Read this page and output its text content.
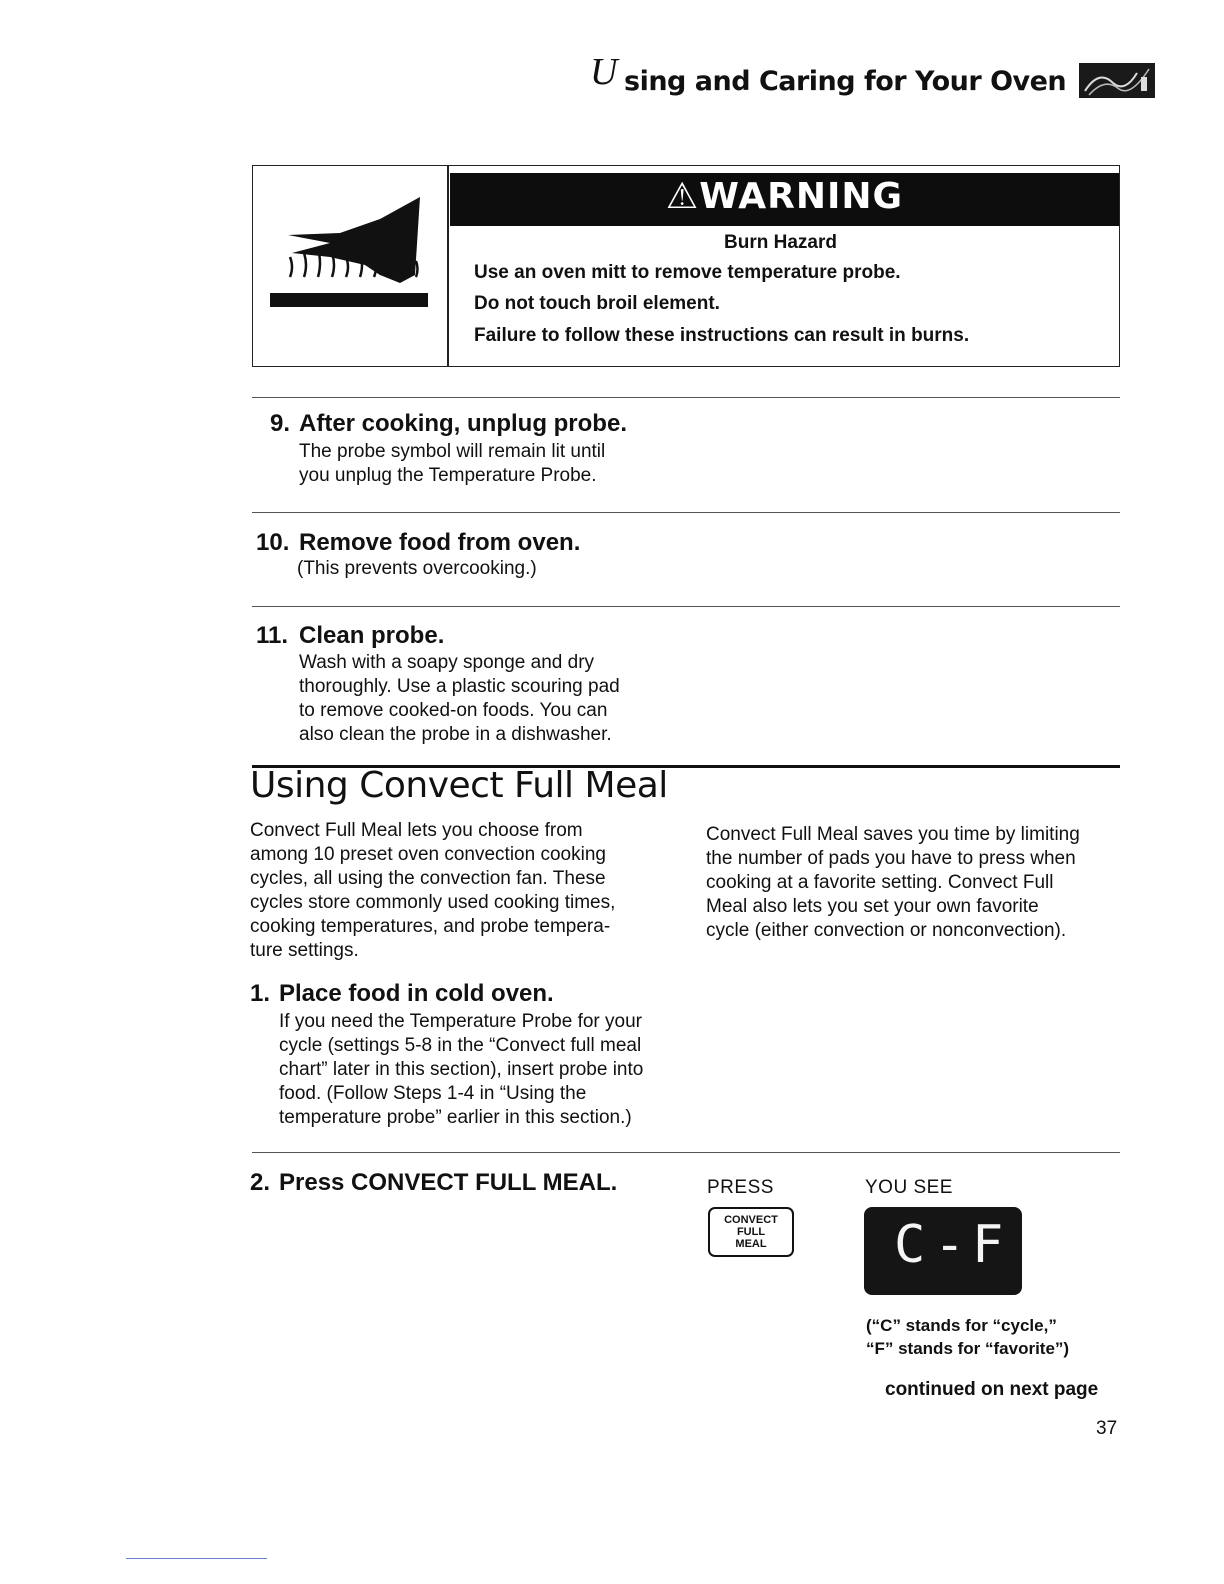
U sing and Caring for Your Oven
⚠WARNING
Burn Hazard
Use an oven mitt to remove temperature probe.
Do not touch broil element.
Failure to follow these instructions can result in burns.
9. After cooking, unplug probe.
The probe symbol will remain lit until
you unplug the Temperature Probe.
10. Remove food from oven.
(This prevents overcooking.)
11. Clean probe.
Wash with a soapy sponge and dry
thoroughly. Use a plastic scouring pad
to remove cooked-on foods. You can
also clean the probe in a dishwasher.
Using Convect Full Meal
Convect Full Meal lets you choose from
among 10 preset oven convection cooking
cycles, all using the convection fan. These
cycles store commonly used cooking times,
cooking temperatures, and probe tempera-
ture settings.
Convect Full Meal saves you time by limiting
the number of pads you have to press when
cooking at a favorite setting. Convect Full
Meal also lets you set your own favorite
cycle (either convection or nonconvection).
1. Place food in cold oven.
If you need the Temperature Probe for your
cycle (settings 5-8 in the “Convect full meal
chart” later in this section), insert probe into
food. (Follow Steps 1-4 in “Using the
temperature probe” earlier in this section.)
2. Press CONVECT FULL MEAL.	PRESS	YOU SEE
CONVECT
FULL
MEAL	C - F
(“C” stands for “cycle,”
“F” stands for “favorite”)
continued on next page
37
